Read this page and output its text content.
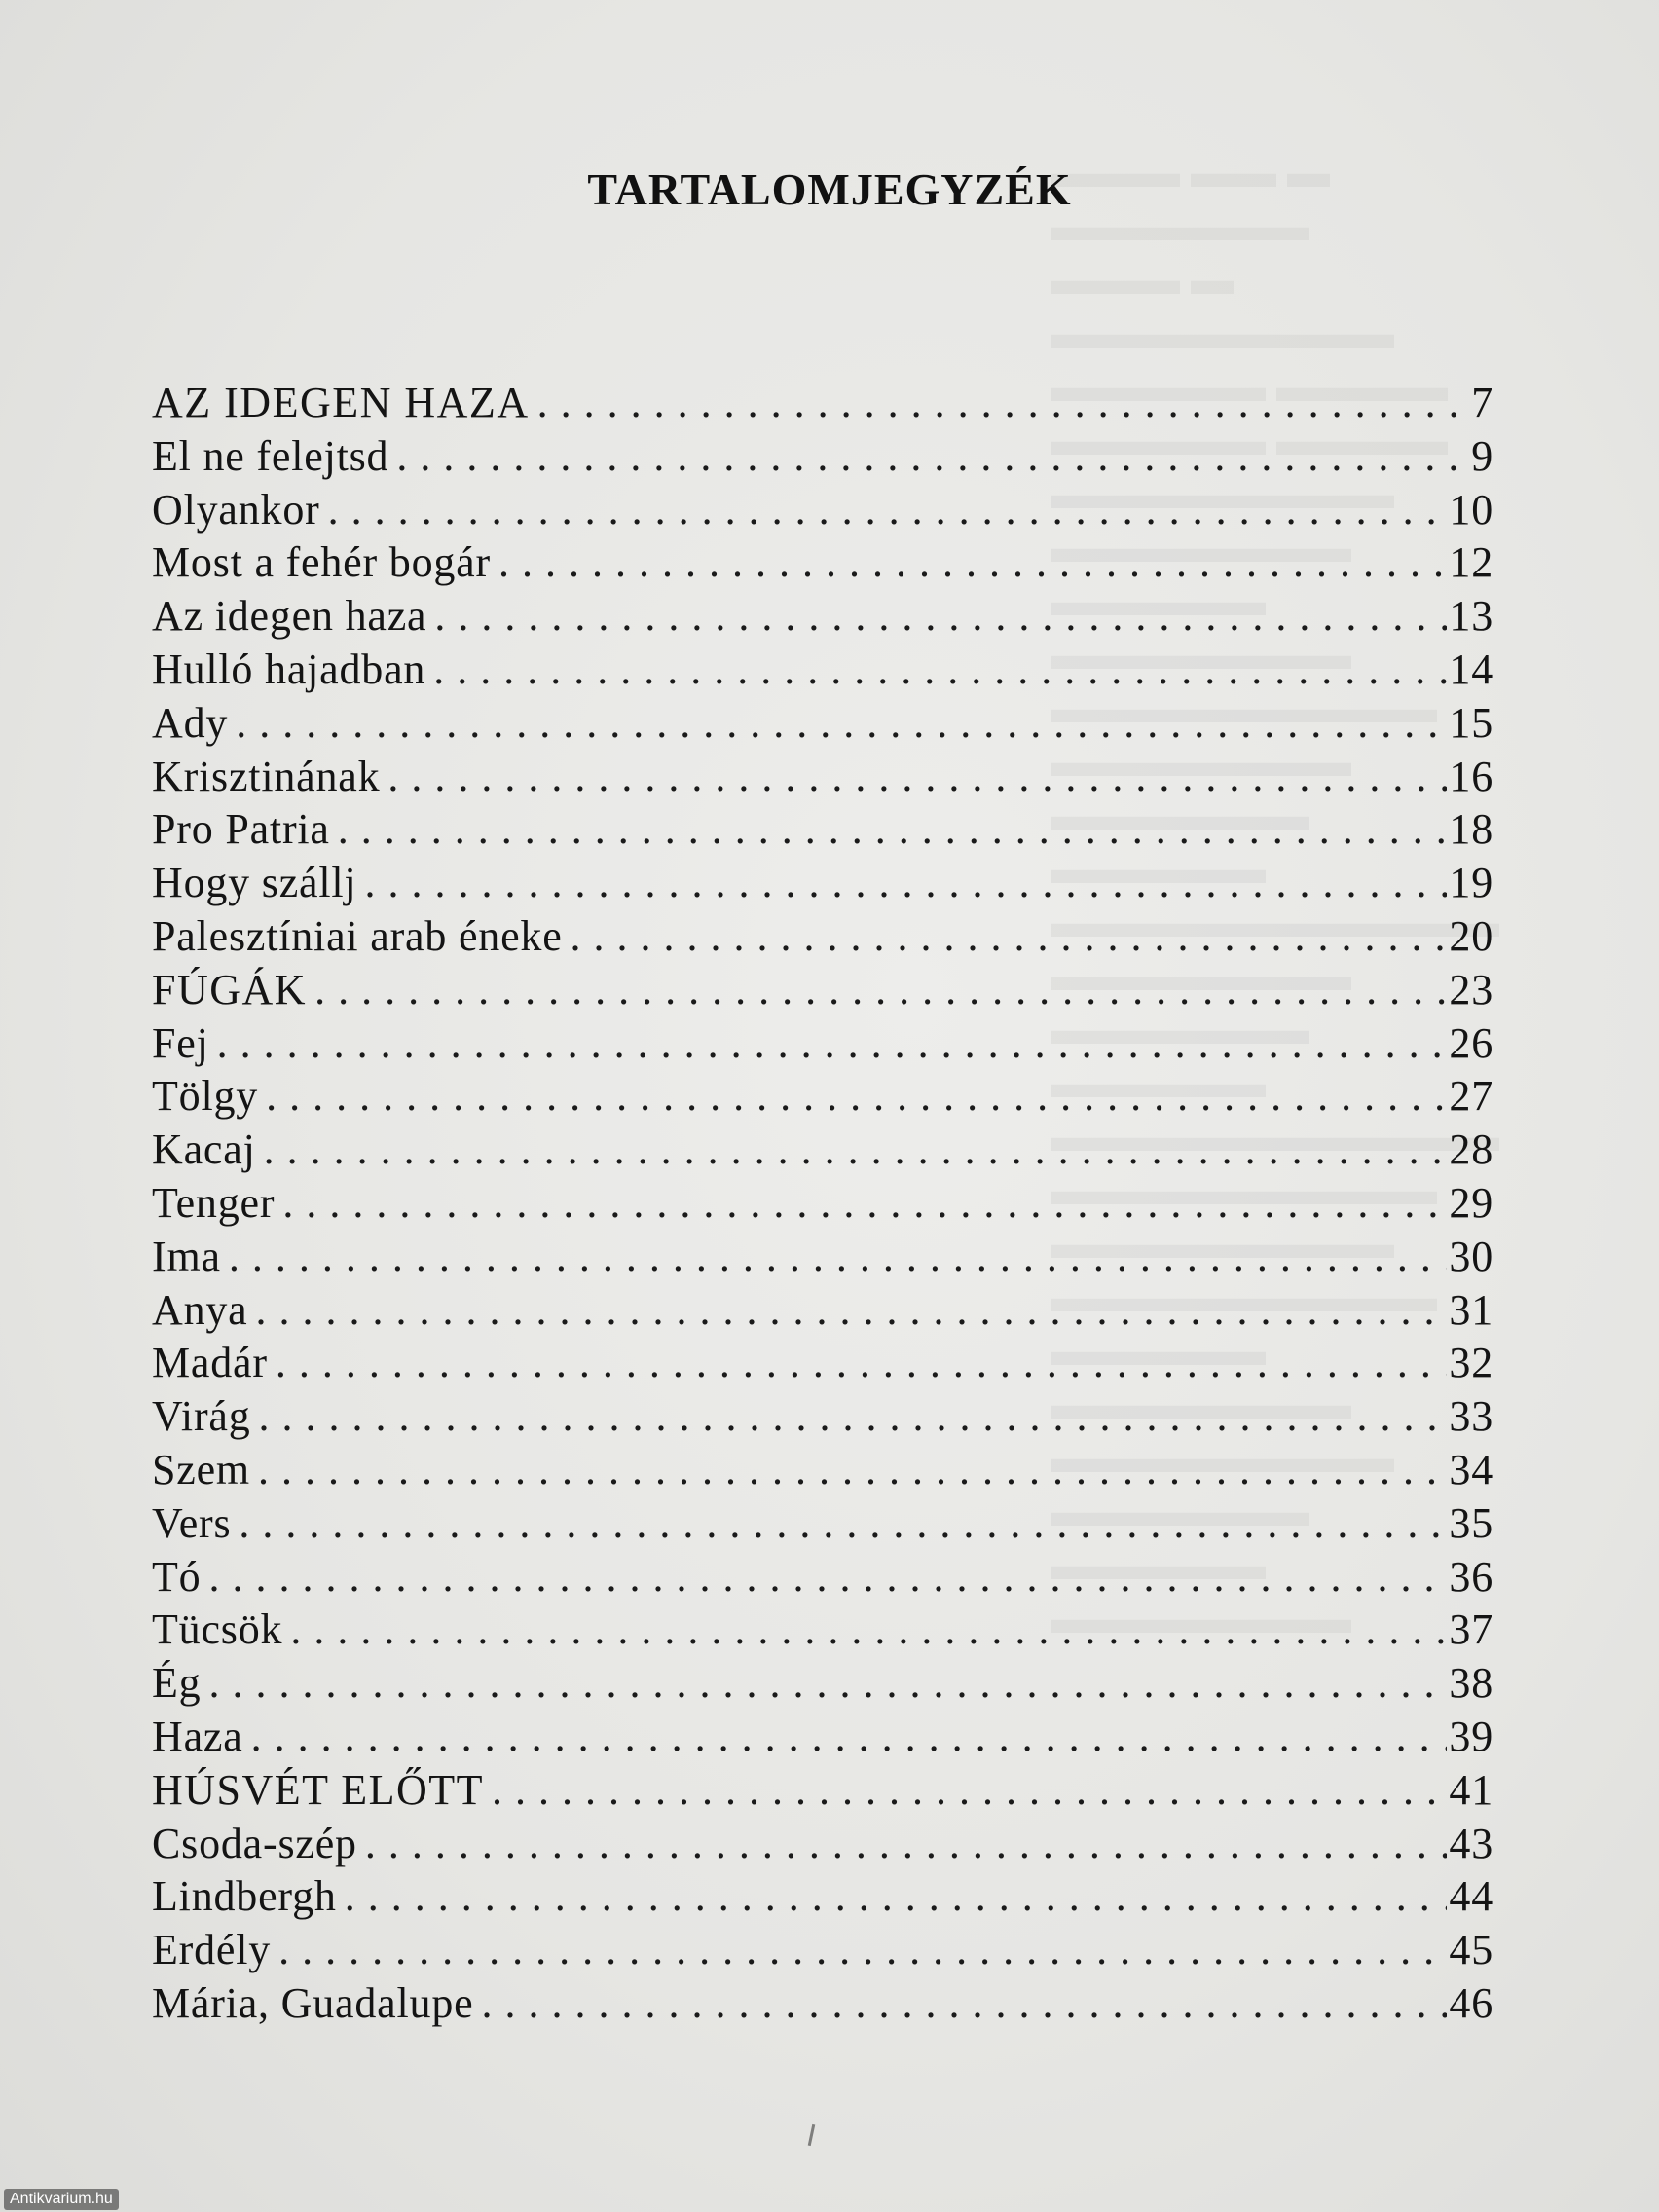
TARTALOMJEGYZÉK
AZ IDEGEN HAZA . . .	7
El ne felejtsd . . .	9
Olyankor . . .	10
Most a fehér bogár . . .	12
Az idegen haza . . .	13
Hulló hajadban . . .	14
Ady . . .	15
Krisztinának . . .	16
Pro Patria . . .	18
Hogy szállj . . .	19
Palesztíniai arab éneke . . .	20
FÚGÁK . . .	23
Fej . . .	26
Tölgy . . .	27
Kacaj . . .	28
Tenger . . .	29
Ima . . .	30
Anya . . .	31
Madár . . .	32
Virág . . .	33
Szem . . .	34
Vers . . .	35
Tó . . .	36
Tücsök . . .	37
Ég . . .	38
Haza . . .	39
HÚSVÉT ELŐTT . . .	41
Csoda-szép . . .	43
Lindbergh . . .	44
Erdély . . .	45
Mária, Guadalupe . . .	46
Antikvarium.hu
